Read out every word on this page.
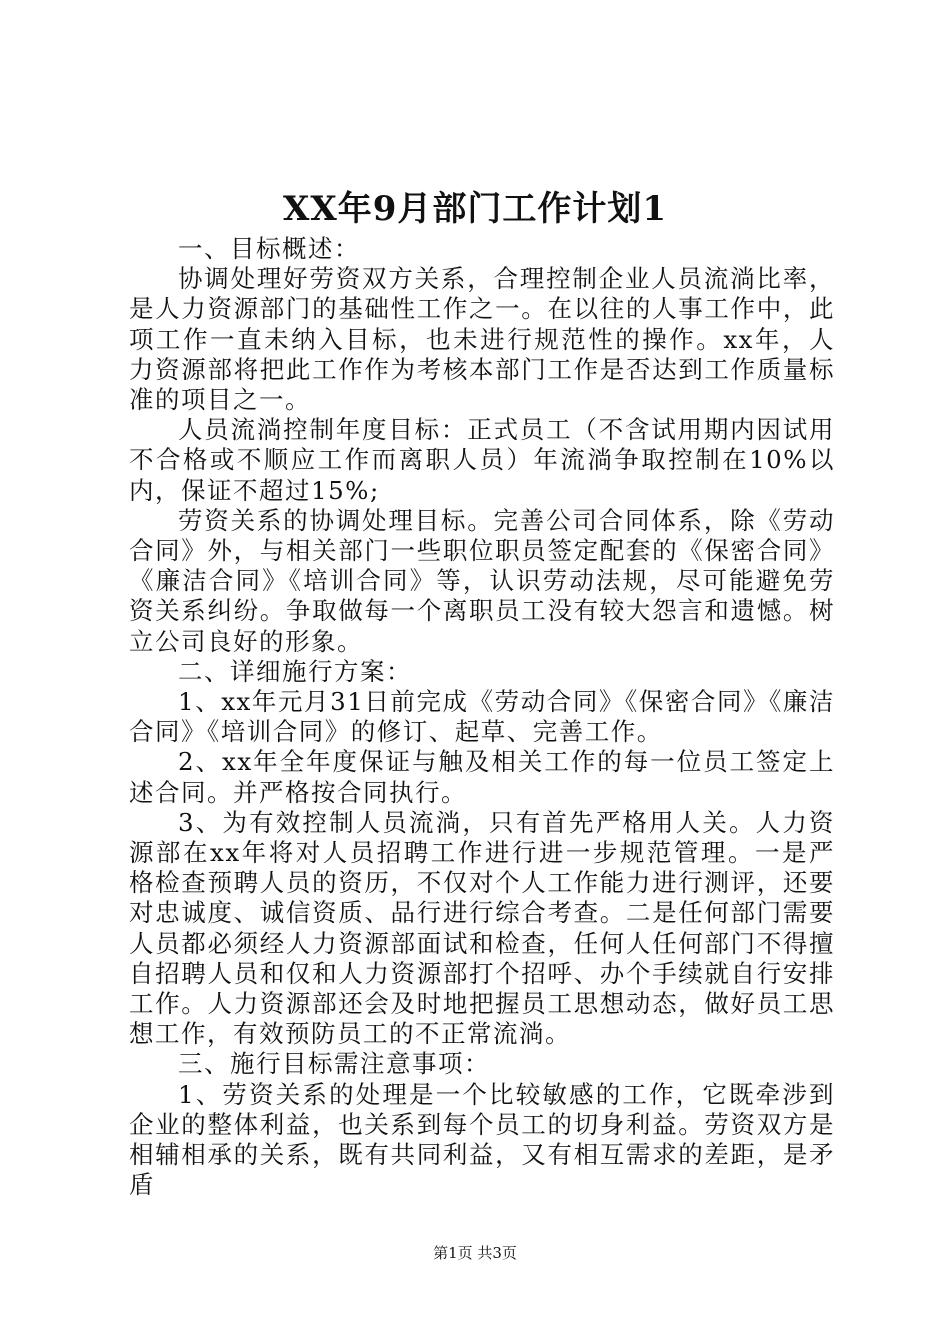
XX年9月部门工作计划1

一、目标概述：

协调处理好劳资双方关系，合理控制企业人员流淌比率，是人力资源部门的基础性工作之一。在以往的人事工作中，此项工作一直未纳入目标，也未进行规范性的操作。xx年，人力资源部将把此工作作为考核本部门工作是否达到工作质量标准的项目之一。

人员流淌控制年度目标：正式员工（不含试用期内因试用不合格或不顺应工作而离职人员）年流淌争取控制在10%以内，保证不超过15%;

劳资关系的协调处理目标。完善公司合同体系，除《劳动合同》外，与相关部门一些职位职员签定配套的《保密合同》《廉洁合同》《培训合同》等，认识劳动法规，尽可能避免劳资关系纠纷。争取做每一个离职员工没有较大怨言和遗憾。树立公司良好的形象。

二、详细施行方案：

1、xx年元月31日前完成《劳动合同》《保密合同》《廉洁合同》《培训合同》的修订、起草、完善工作。

2、xx年全年度保证与触及相关工作的每一位员工签定上述合同。并严格按合同执行。

3、为有效控制人员流淌，只有首先严格用人关。人力资源部在xx年将对人员招聘工作进行进一步规范管理。一是严格检查预聘人员的资历，不仅对个人工作能力进行测评，还要对忠诚度、诚信资质、品行进行综合考查。二是任何部门需要人员都必须经人力资源部面试和检查，任何人任何部门不得擅自招聘人员和仅和人力资源部打个招呼、办个手续就自行安排工作。人力资源部还会及时地把握员工思想动态，做好员工思想工作，有效预防员工的不正常流淌。

三、施行目标需注意事项：

1、劳资关系的处理是一个比较敏感的工作，它既牵涉到企业的整体利益，也关系到每个员工的切身利益。劳资双方是相辅相承的关系，既有共同利益，又有相互需求的差距，是矛盾

第1页 共3页
